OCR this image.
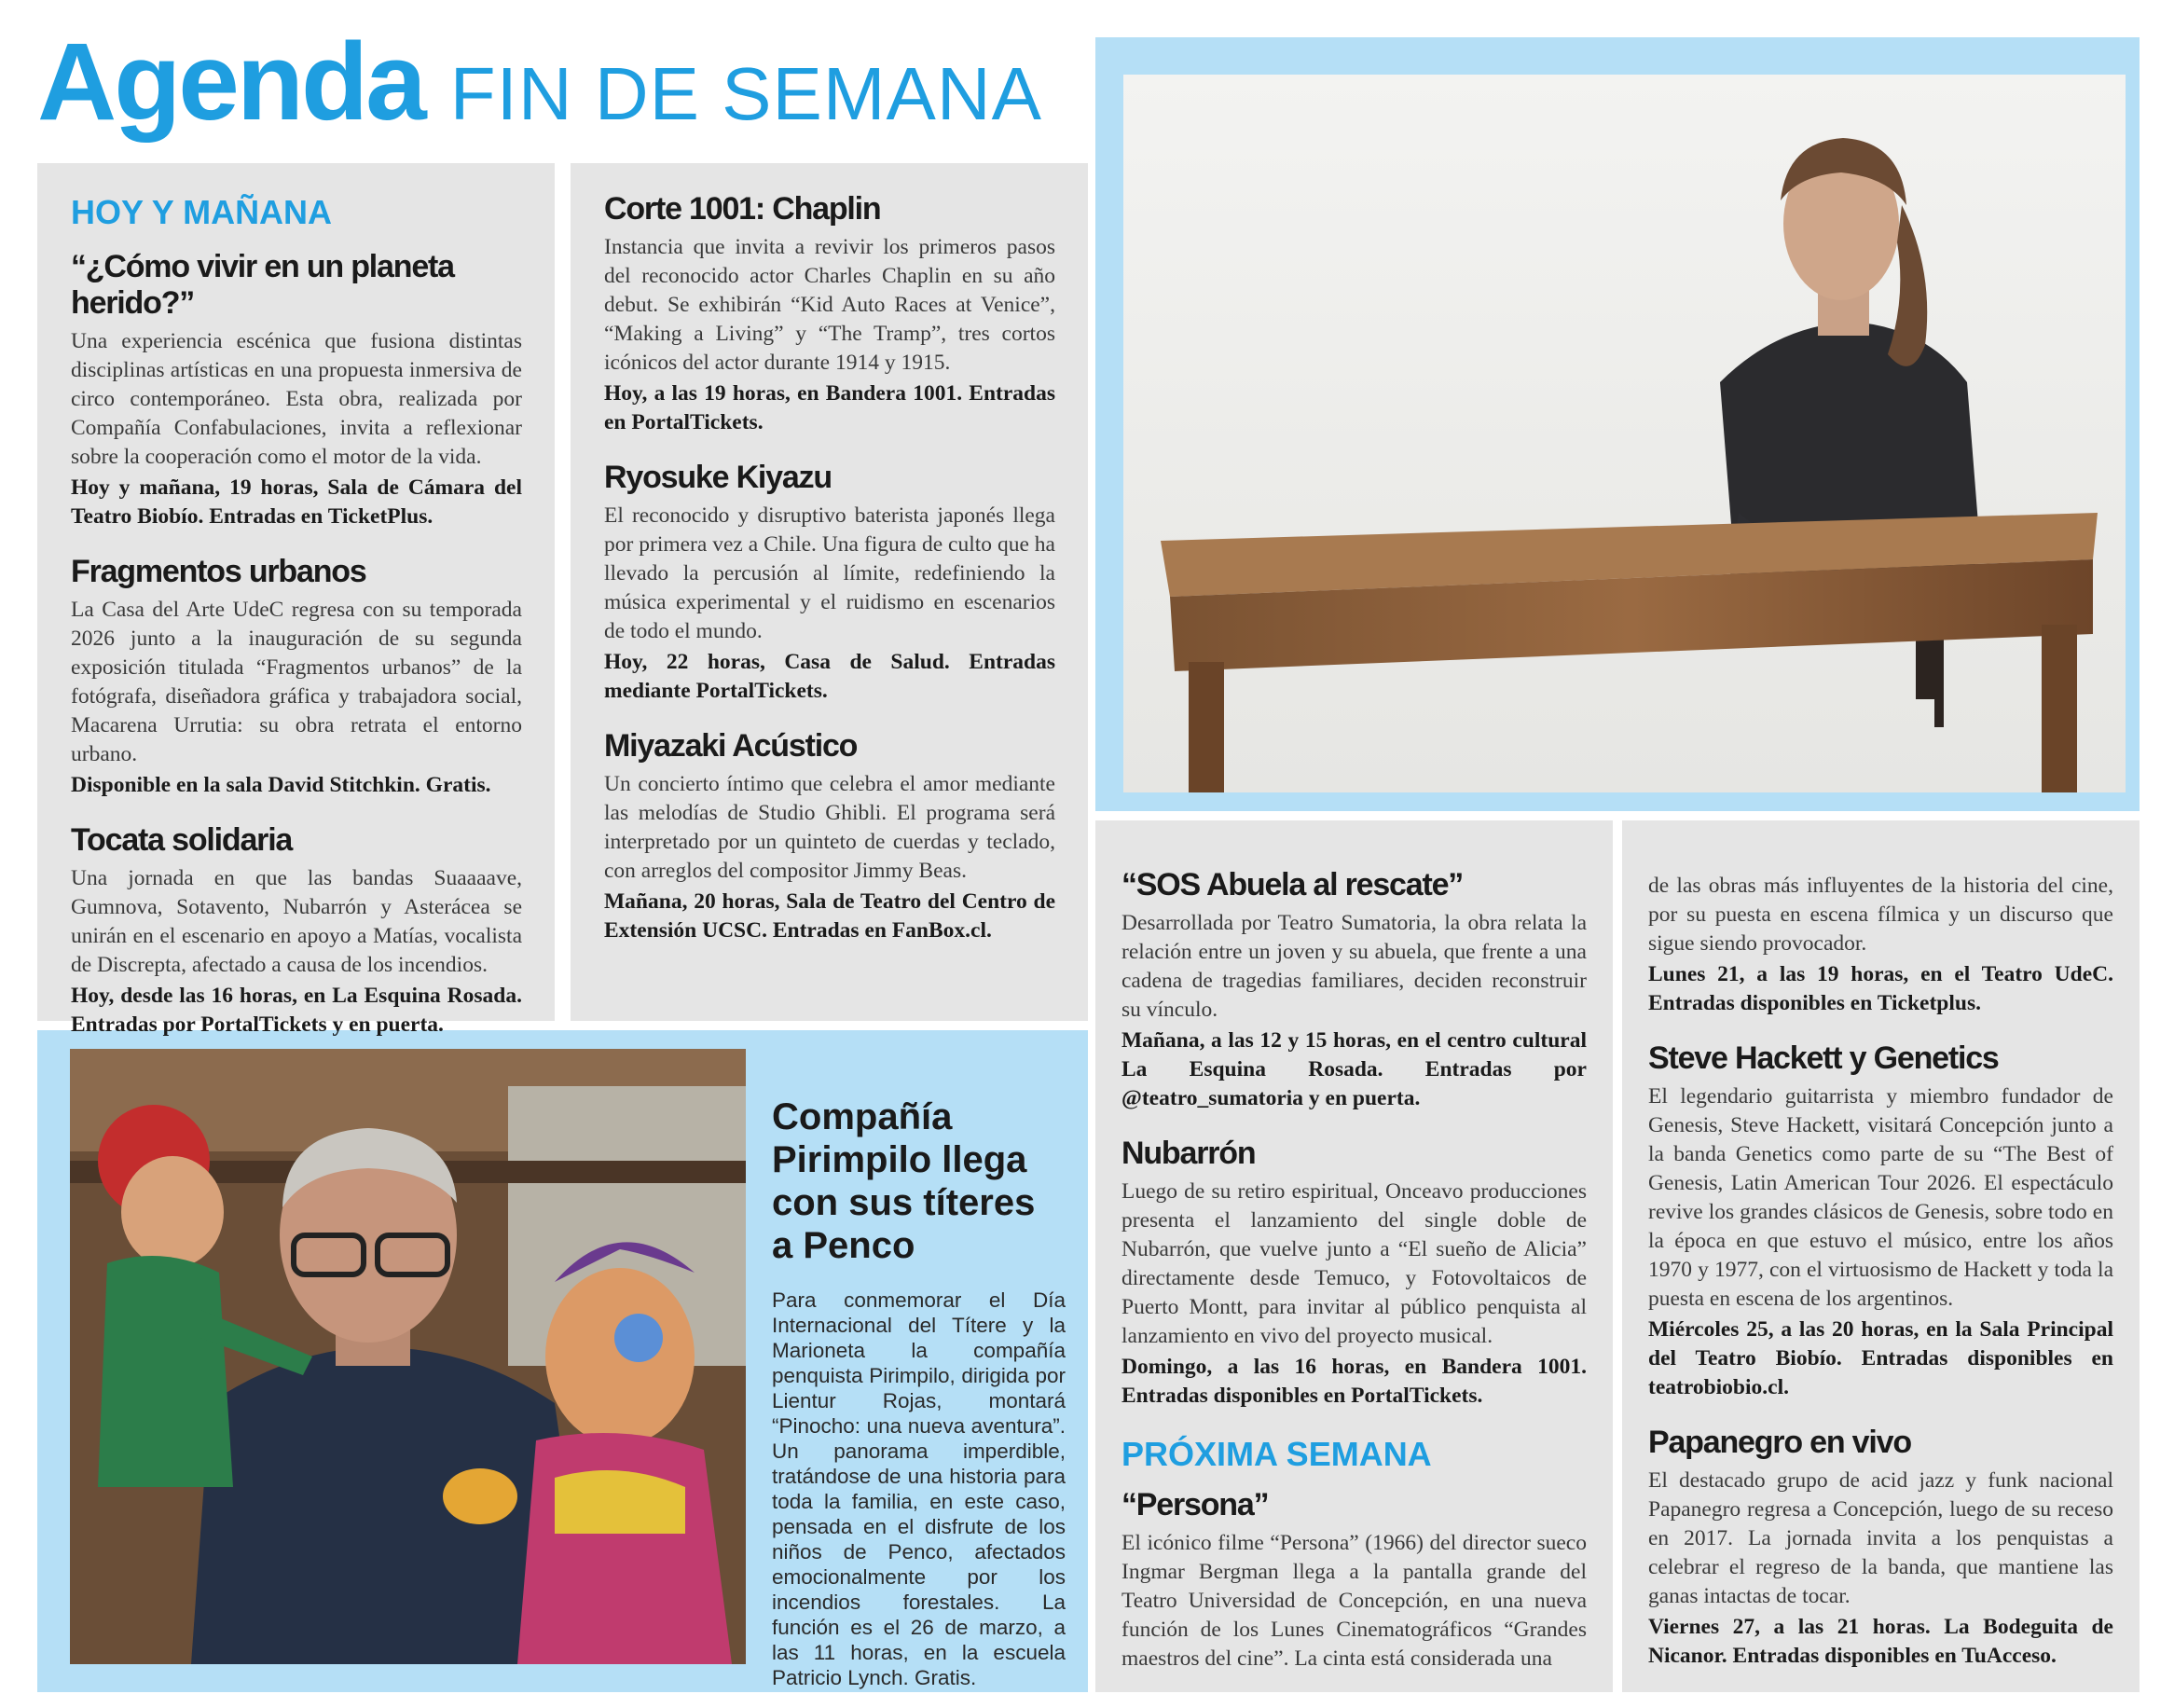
Agenda FIN DE SEMANA
HOY Y MAÑANA
“¿Cómo vivir en un planeta herido?”

Una experiencia escénica que fusiona distintas disciplinas artísticas en una propuesta inmersiva de circo contemporáneo. Esta obra, realizada por Compañía Confabulaciones, invita a reflexionar sobre la cooperación como el motor de la vida.

Hoy y mañana, 19 horas, Sala de Cámara del Teatro Biobío. Entradas en TicketPlus.

Fragmentos urbanos

La Casa del Arte UdeC regresa con su temporada 2026 junto a la inauguración de su segunda exposición titulada “Fragmentos urbanos” de la fotógrafa, diseñadora gráfica y trabajadora social, Macarena Urrutia: su obra retrata el entorno urbano.

Disponible en la sala David Stitchkin. Gratis.

Tocata solidaria

Una jornada en que las bandas Suaaaave, Gumnova, Sotavento, Nubarrón y Asterácea se unirán en el escenario en apoyo a Matías, vocalista de Discrepta, afectado a causa de los incendios.

Hoy, desde las 16 horas, en La Esquina Rosada. Entradas por PortalTickets y en puerta.

Corte 1001: Chaplin

Instancia que invita a revivir los primeros pasos del reconocido actor Charles Chaplin en su año debut. Se exhibirán “Kid Auto Races at Venice”, “Making a Living” y “The Tramp”, tres cortos icónicos del actor durante 1914 y 1915.

Hoy, a las 19 horas, en Bandera 1001. Entradas en PortalTickets.

Ryosuke Kiyazu

El reconocido y disruptivo baterista japonés llega por primera vez a Chile. Una figura de culto que ha llevado la percusión al límite, redefiniendo la música experimental y el ruidismo en escenarios de todo el mundo.

Hoy, 22 horas, Casa de Salud. Entradas mediante PortalTickets.

Miyazaki Acústico

Un concierto íntimo que celebra el amor mediante las melodías de Studio Ghibli. El programa será interpretado por un quinteto de cuerdas y teclado, con arreglos del compositor Jimmy Beas.

Mañana, 20 horas, Sala de Teatro del Centro de Extensión UCSC. Entradas en FanBox.cl.

Compañía Pirimpilo llega con sus títeres a Penco

Para conmemorar el Día Internacional del Títere y la Marioneta la compañía penquista Pirimpilo, dirigida por Lientur Rojas, montará “Pinocho: una nueva aventura”. Un panorama imperdible, tratándose de una historia para toda la familia, en este caso, pensada en el disfrute de los niños de Penco, afectados emocionalmente por los incendios forestales. La función es el 26 de marzo, a las 11 horas, en la escuela Patricio Lynch. Gratis.

“SOS Abuela al rescate”

Desarrollada por Teatro Sumatoria, la obra relata la relación entre un joven y su abuela, que frente a una cadena de tragedias familiares, deciden reconstruir su vínculo.

Mañana, a las 12 y 15 horas, en el centro cultural La Esquina Rosada. Entradas por @teatro_sumatoria y en puerta.

Nubarrón

Luego de su retiro espiritual, Onceavo producciones presenta el lanzamiento del single doble de Nubarrón, que vuelve junto a “El sueño de Alicia” directamente desde Temuco, y Fotovoltaicos de Puerto Montt, para invitar al público penquista al lanzamiento en vivo del proyecto musical.

Domingo, a las 16 horas, en Bandera 1001. Entradas disponibles en PortalTickets.

PRÓXIMA SEMANA
“Persona”

El icónico filme “Persona” (1966) del director sueco Ingmar Bergman llega a la pantalla grande del Teatro Universidad de Concepción, en una nueva función de los Lunes Cinematográficos “Grandes maestros del cine”. La cinta está considerada una

de las obras más influyentes de la historia del cine, por su puesta en escena fílmica y un discurso que sigue siendo provocador.

Lunes 21, a las 19 horas, en el Teatro UdeC. Entradas disponibles en Ticketplus.

Steve Hackett y Genetics

El legendario guitarrista y miembro fundador de Genesis, Steve Hackett, visitará Concepción junto a la banda Genetics como parte de su “The Best of Genesis, Latin American Tour 2026. El espectáculo revive los grandes clásicos de Genesis, sobre todo en la época en que estuvo el músico, entre los años 1970 y 1977, con el virtuosismo de Hackett y toda la puesta en escena de los argentinos.

Miércoles 25, a las 20 horas, en la Sala Principal del Teatro Biobío. Entradas disponibles en teatrobiobio.cl.

Papanegro en vivo

El destacado grupo de acid jazz y funk nacional Papanegro regresa a Concepción, luego de su receso en 2017. La jornada invita a los penquistas a celebrar el regreso de la banda, que mantiene las ganas intactas de tocar.

Viernes 27, a las 21 horas. La Bodeguita de Nicanor. Entradas disponibles en TuAcceso.
